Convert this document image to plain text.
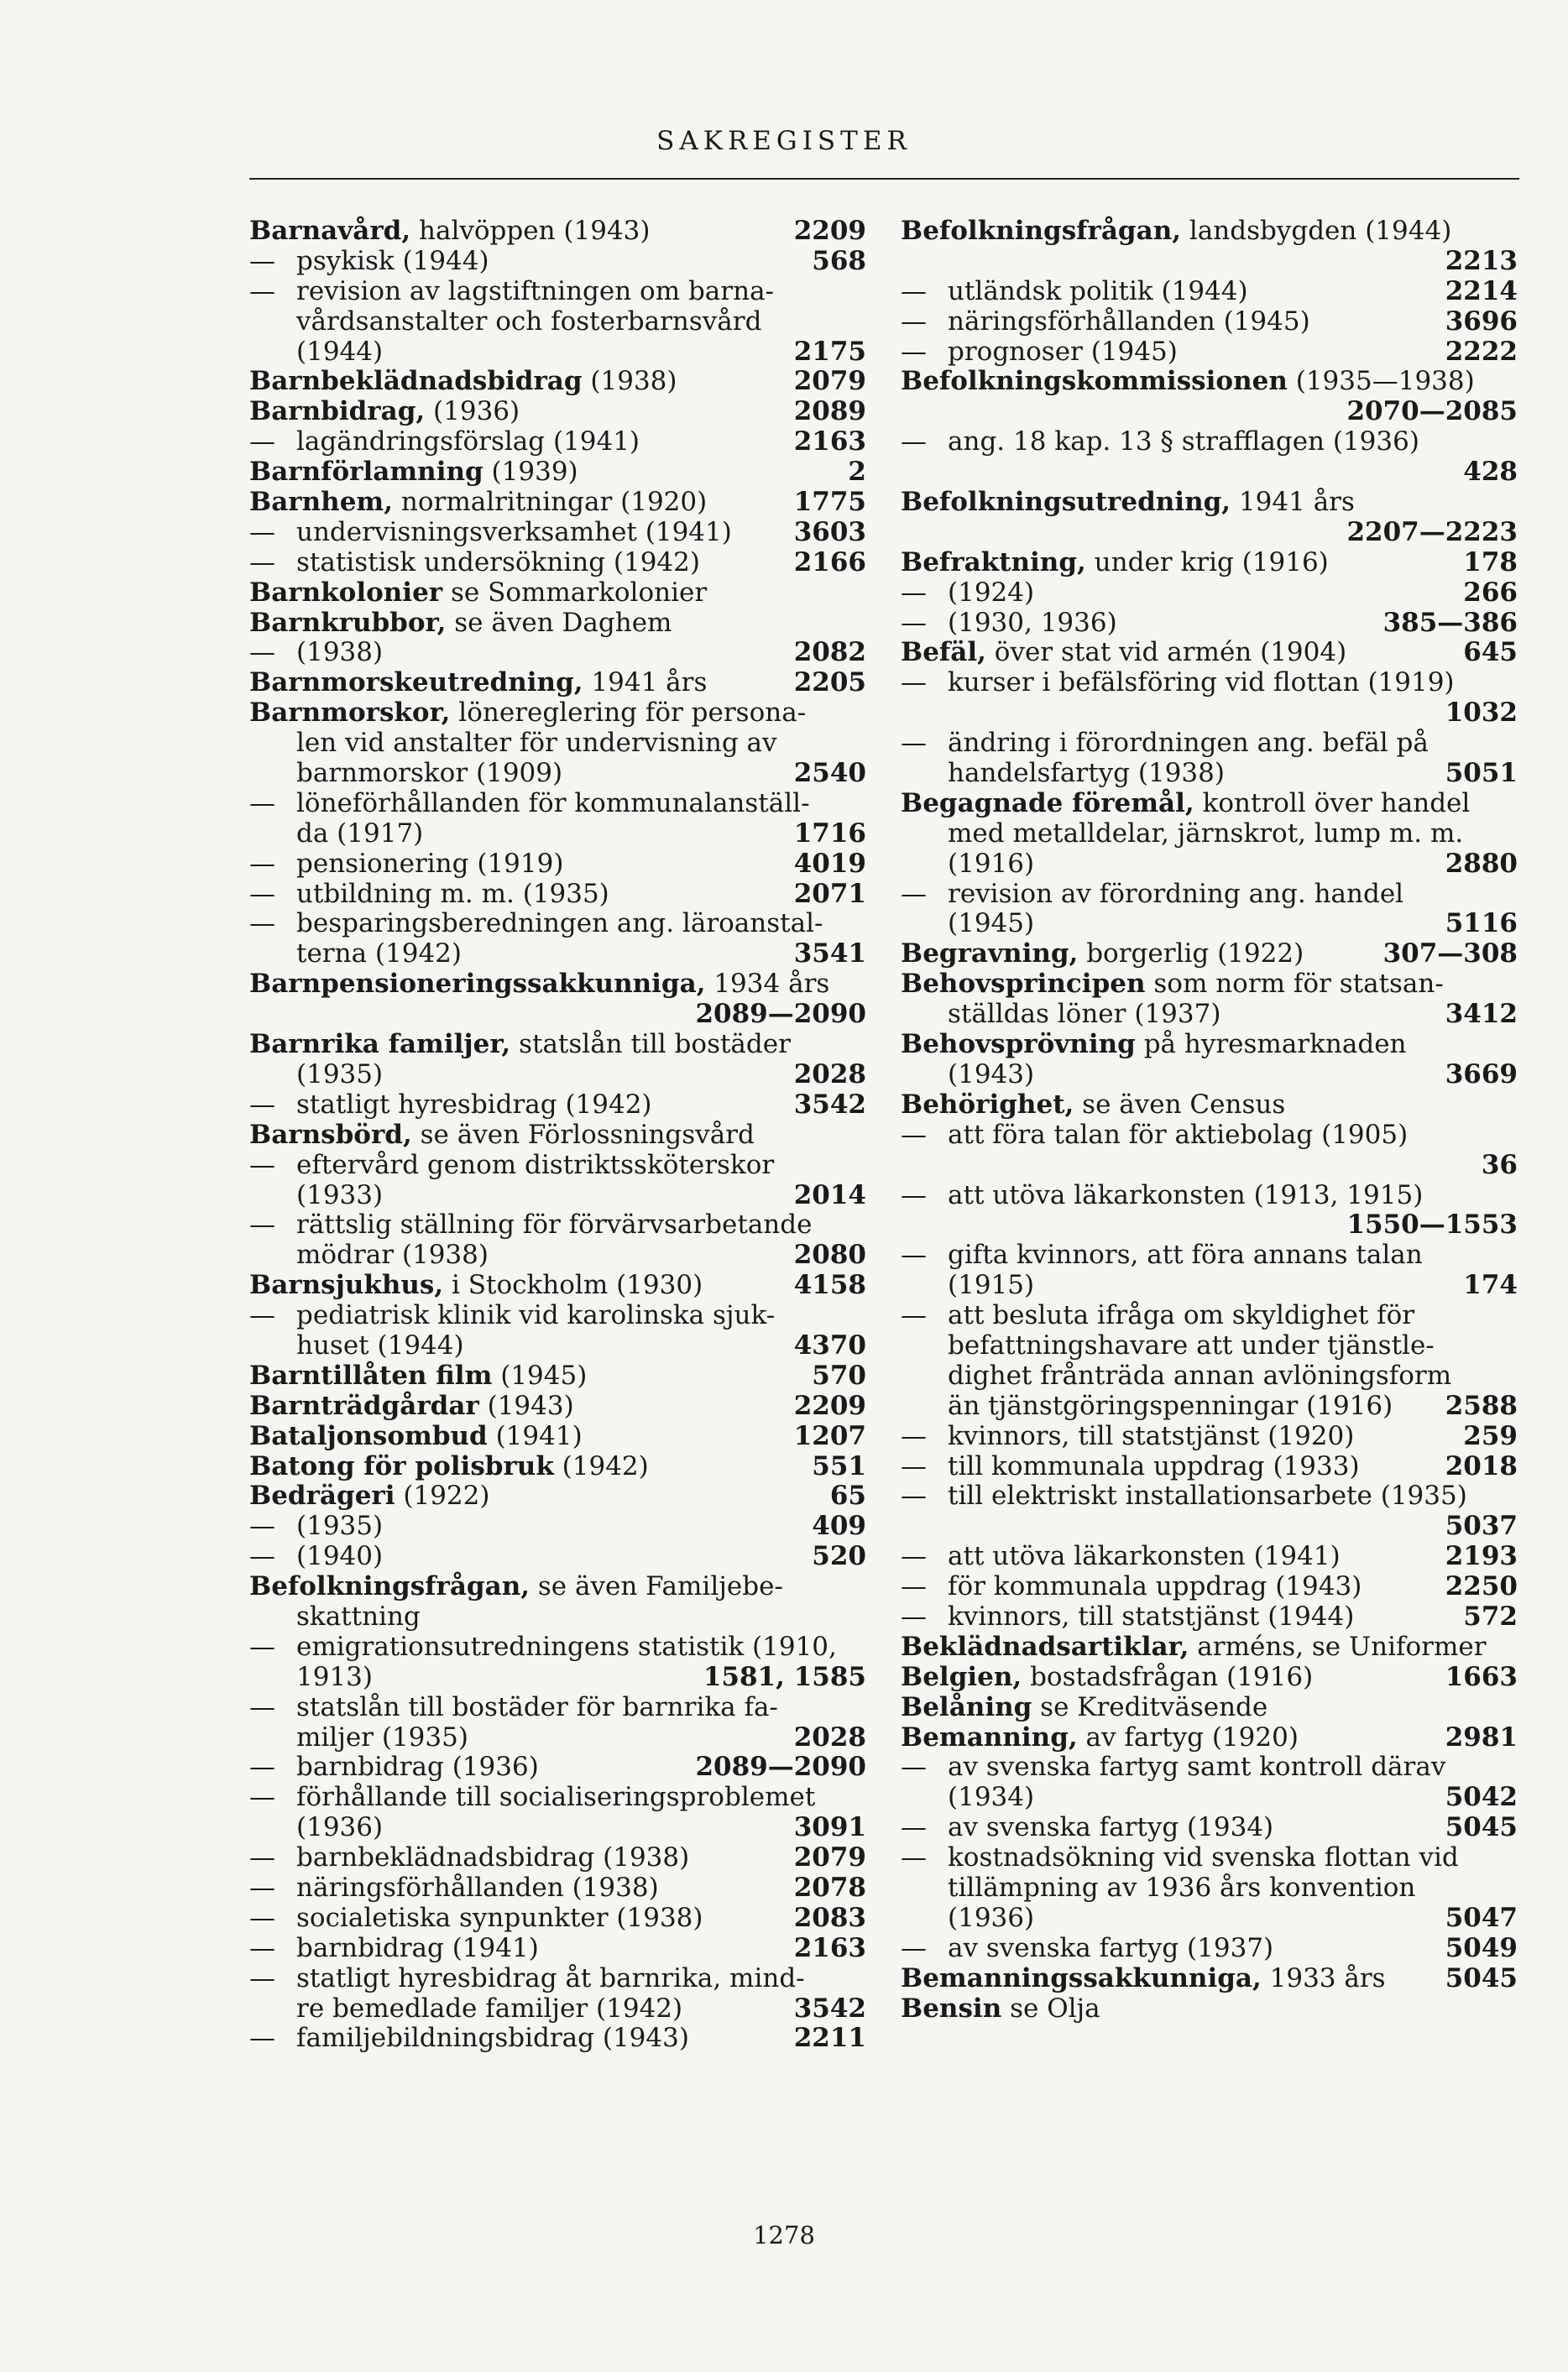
SAKREGISTER
Barnavård, halvöppen (1943)	2209
— psykisk (1944)	568
— revision av lagstiftningen om barna-
vårdsanstalter och fosterbarnsvård
(1944)	2175
Barnbeklädnadsbidrag (1938)	2079
Barnbidrag, (1936)	2089
— lagändringsförslag (1941)	2163
Barnförlamning (1939)	2
Barnhem, normalritningar (1920)	1775
— undervisningsverksamhet (1941) 3603
— statistisk undersökning (1942)	2166
Barnkolonier se Sommarkolonier
Barnkrubbor, se även Daghem
— (1938)	2082
Barnmorskeutredning, 1941 års	2205
Barnmorskor, lönereglering för persona-
len vid anstalter för undervisning av
barnmorskor (1909)	2540
— löneförhållanden för kommunalanställ-
da (1917)	1716
— pensionering (1919)	4019
— utbildning m. m. (1935)	2071
— besparingsberedningen ang. läroanstal-
terna (1942)	3541
Barnpensioneringssakkunniga, 1934 års
2089—2090
Barnrika familjer, statslån till bostäder
(1935)	2028
— statligt hyresbidrag (1942)	3542
Barnsbörd, se även Förlossningsvård
— eftervård genom distriktssköterskor
(1933)	2014
— rättslig ställning för förvärvsarbetande
mödrar (1938)	2080
Barnsjukhus, i Stockholm (1930)	4158
— pediatrisk klinik vid karolinska sjuk-
huset (1944)	4370
Barntillåten film (1945)	570
Barnträdgårdar (1943)	2209
Bataljonsombud (1941)	1207
Batong för polisbruk (1942)	551
Bedrägeri (1922)	65
— (1935)	409
— (1940)	520
Befolkningsfrågan, se även Familjebe-
skattning
— emigrationsutredningens statistik (1910,
1913)	1581, 1585
— statslån till bostäder för barnrika fa-
miljer (1935)	2028
— barnbidrag (1936)	2089—2090
— förhållande till socialiseringsproblemet
(1936)	3091
— barnbeklädnadsbidrag (1938)	2079
— näringsförhållanden (1938)	2078
— socialetiska synpunkter (1938)	2083
— barnbidrag (1941)	2163
— statligt hyresbidrag åt barnrika, mind-
re bemedlade familjer (1942)	3542
— familjebildningsbidrag (1943)	2211
Befolkningsfrågan, landsbygden (1944)
2213
— utländsk politik (1944)	2214
— näringsförhållanden (1945)	3696
— prognoser (1945)	2222
Befolkningskommissionen (1935—1938)
2070—2085
— ang. 18 kap. 13 § strafflagen (1936)
428
Befolkningsutredning, 1941 års
2207—2223
Befraktning, under krig (1916)	178
— (1924)	266
— (1930, 1936)	385—386
Befäl, över stat vid armén (1904)	645
— kurser i befälsföring vid flottan (1919)
1032
— ändring i förordningen ang. befäl på
handelsfartyg (1938)	5051
Begagnade föremål, kontroll över handel
med metalldelar, järnskrot, lump m. m.
(1916)	2880
— revision av förordning ang. handel
(1945)	5116
Begravning, borgerlig (1922)	307—308
Behovsprincipen som norm för statsan-
ställdas löner (1937)	3412
Behovsprövning på hyresmarknaden
(1943)	3669
Behörighet, se även Census
— att föra talan för aktiebolag (1905)
36
— att utöva läkarkonsten (1913, 1915)
1550—1553
— gifta kvinnors, att föra annans talan
(1915)	174
— att besluta ifråga om skyldighet för
befattningshavare att under tjänstle-
dighet frånträda annan avlöningsform
än tjänstgöringspenningar (1916) 2588
— kvinnors, till statstjänst (1920)	259
— till kommunala uppdrag (1933)	2018
— till elektriskt installationsarbete (1935)
5037
— att utöva läkarkonsten (1941)	2193
— för kommunala uppdrag (1943)	2250
— kvinnors, till statstjänst (1944)	572
Beklädnadsartiklar, arméns, se Uniformer
Belgien, bostadsfrågan (1916)	1663
Belåning se Kreditväsende
Bemanning, av fartyg (1920)	2981
— av svenska fartyg samt kontroll därav
(1934)	5042
— av svenska fartyg (1934)	5045
— kostnadsökning vid svenska flottan vid
tillämpning av 1936 års konvention
(1936)	5047
— av svenska fartyg (1937)	5049
Bemanningssakkunniga, 1933 års 5045
Bensin se Olja
1278
